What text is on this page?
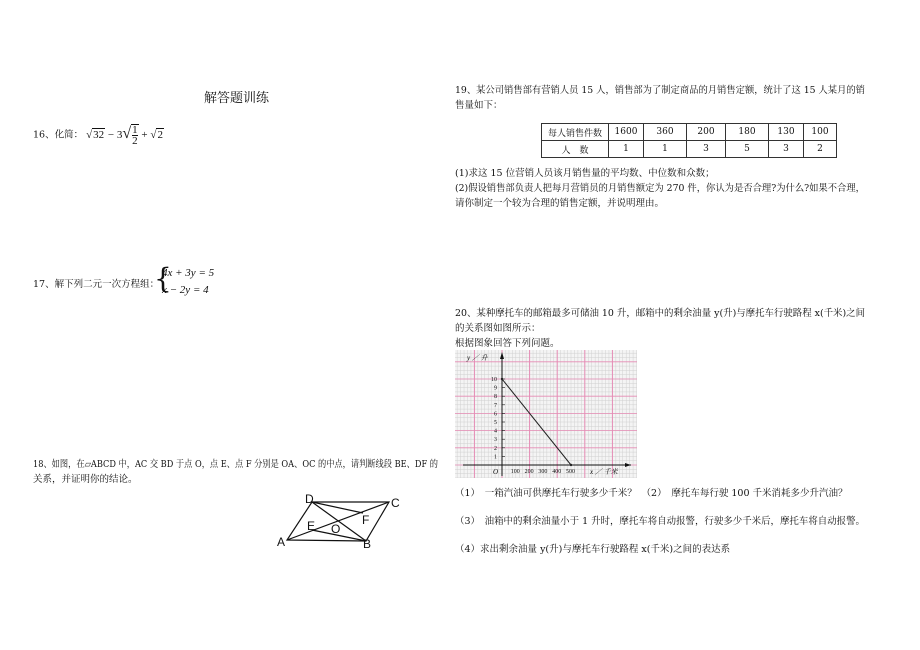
解答题训练
16、化简： $√32 - 3√\frac{1}{2} + √2$
17、解下列二元一次方程组：
{
4x + 3y = 5
x − 2y = 4
18、如图，在▱ABCD 中，AC 交 BD 于点 O，点 E、点 F 分别是 OA、OC 的中点，请判断线段 BE、DF 的
关系，并证明你的结论。
D	C
A	B
E	F
O
19、某公司销售部有营销人员 15 人，销售部为了制定商品的月销售定额，统计了这 15 人某月的销
售量如下：
每人销售件数	1600	360	200	180	130	100
人　数	1	1	3	5	3	2
(1)求这 15 位营销人员该月销售量的平均数、中位数和众数；
(2)假设销售部负责人把每月营销员的月销售额定为 270 件，你认为是否合理?为什么?如果不合理，
请你制定一个较为合理的销售定额，并说明理由。
20、某种摩托车的邮箱最多可储油 10 升，邮箱中的剩余油量 y(升)与摩托车行驶路程 x(千米)之间
的关系图如图所示：
根据图象回答下列问题。
100 200 300 400 500
1
2
3
4
5
6
7
8
9
10
y ／ 升
x ／ 千米
O
（1）　一箱汽油可供摩托车行驶多少千米？　（2）　摩托车每行驶 100 千米消耗多少升汽油？
（3）　油箱中的剩余油量小于 1 升时，摩托车将自动报警，行驶多少千米后，摩托车将自动报警。
（4）求出剩余油量 y(升)与摩托车行驶路程 x(千米)之间的表达系
